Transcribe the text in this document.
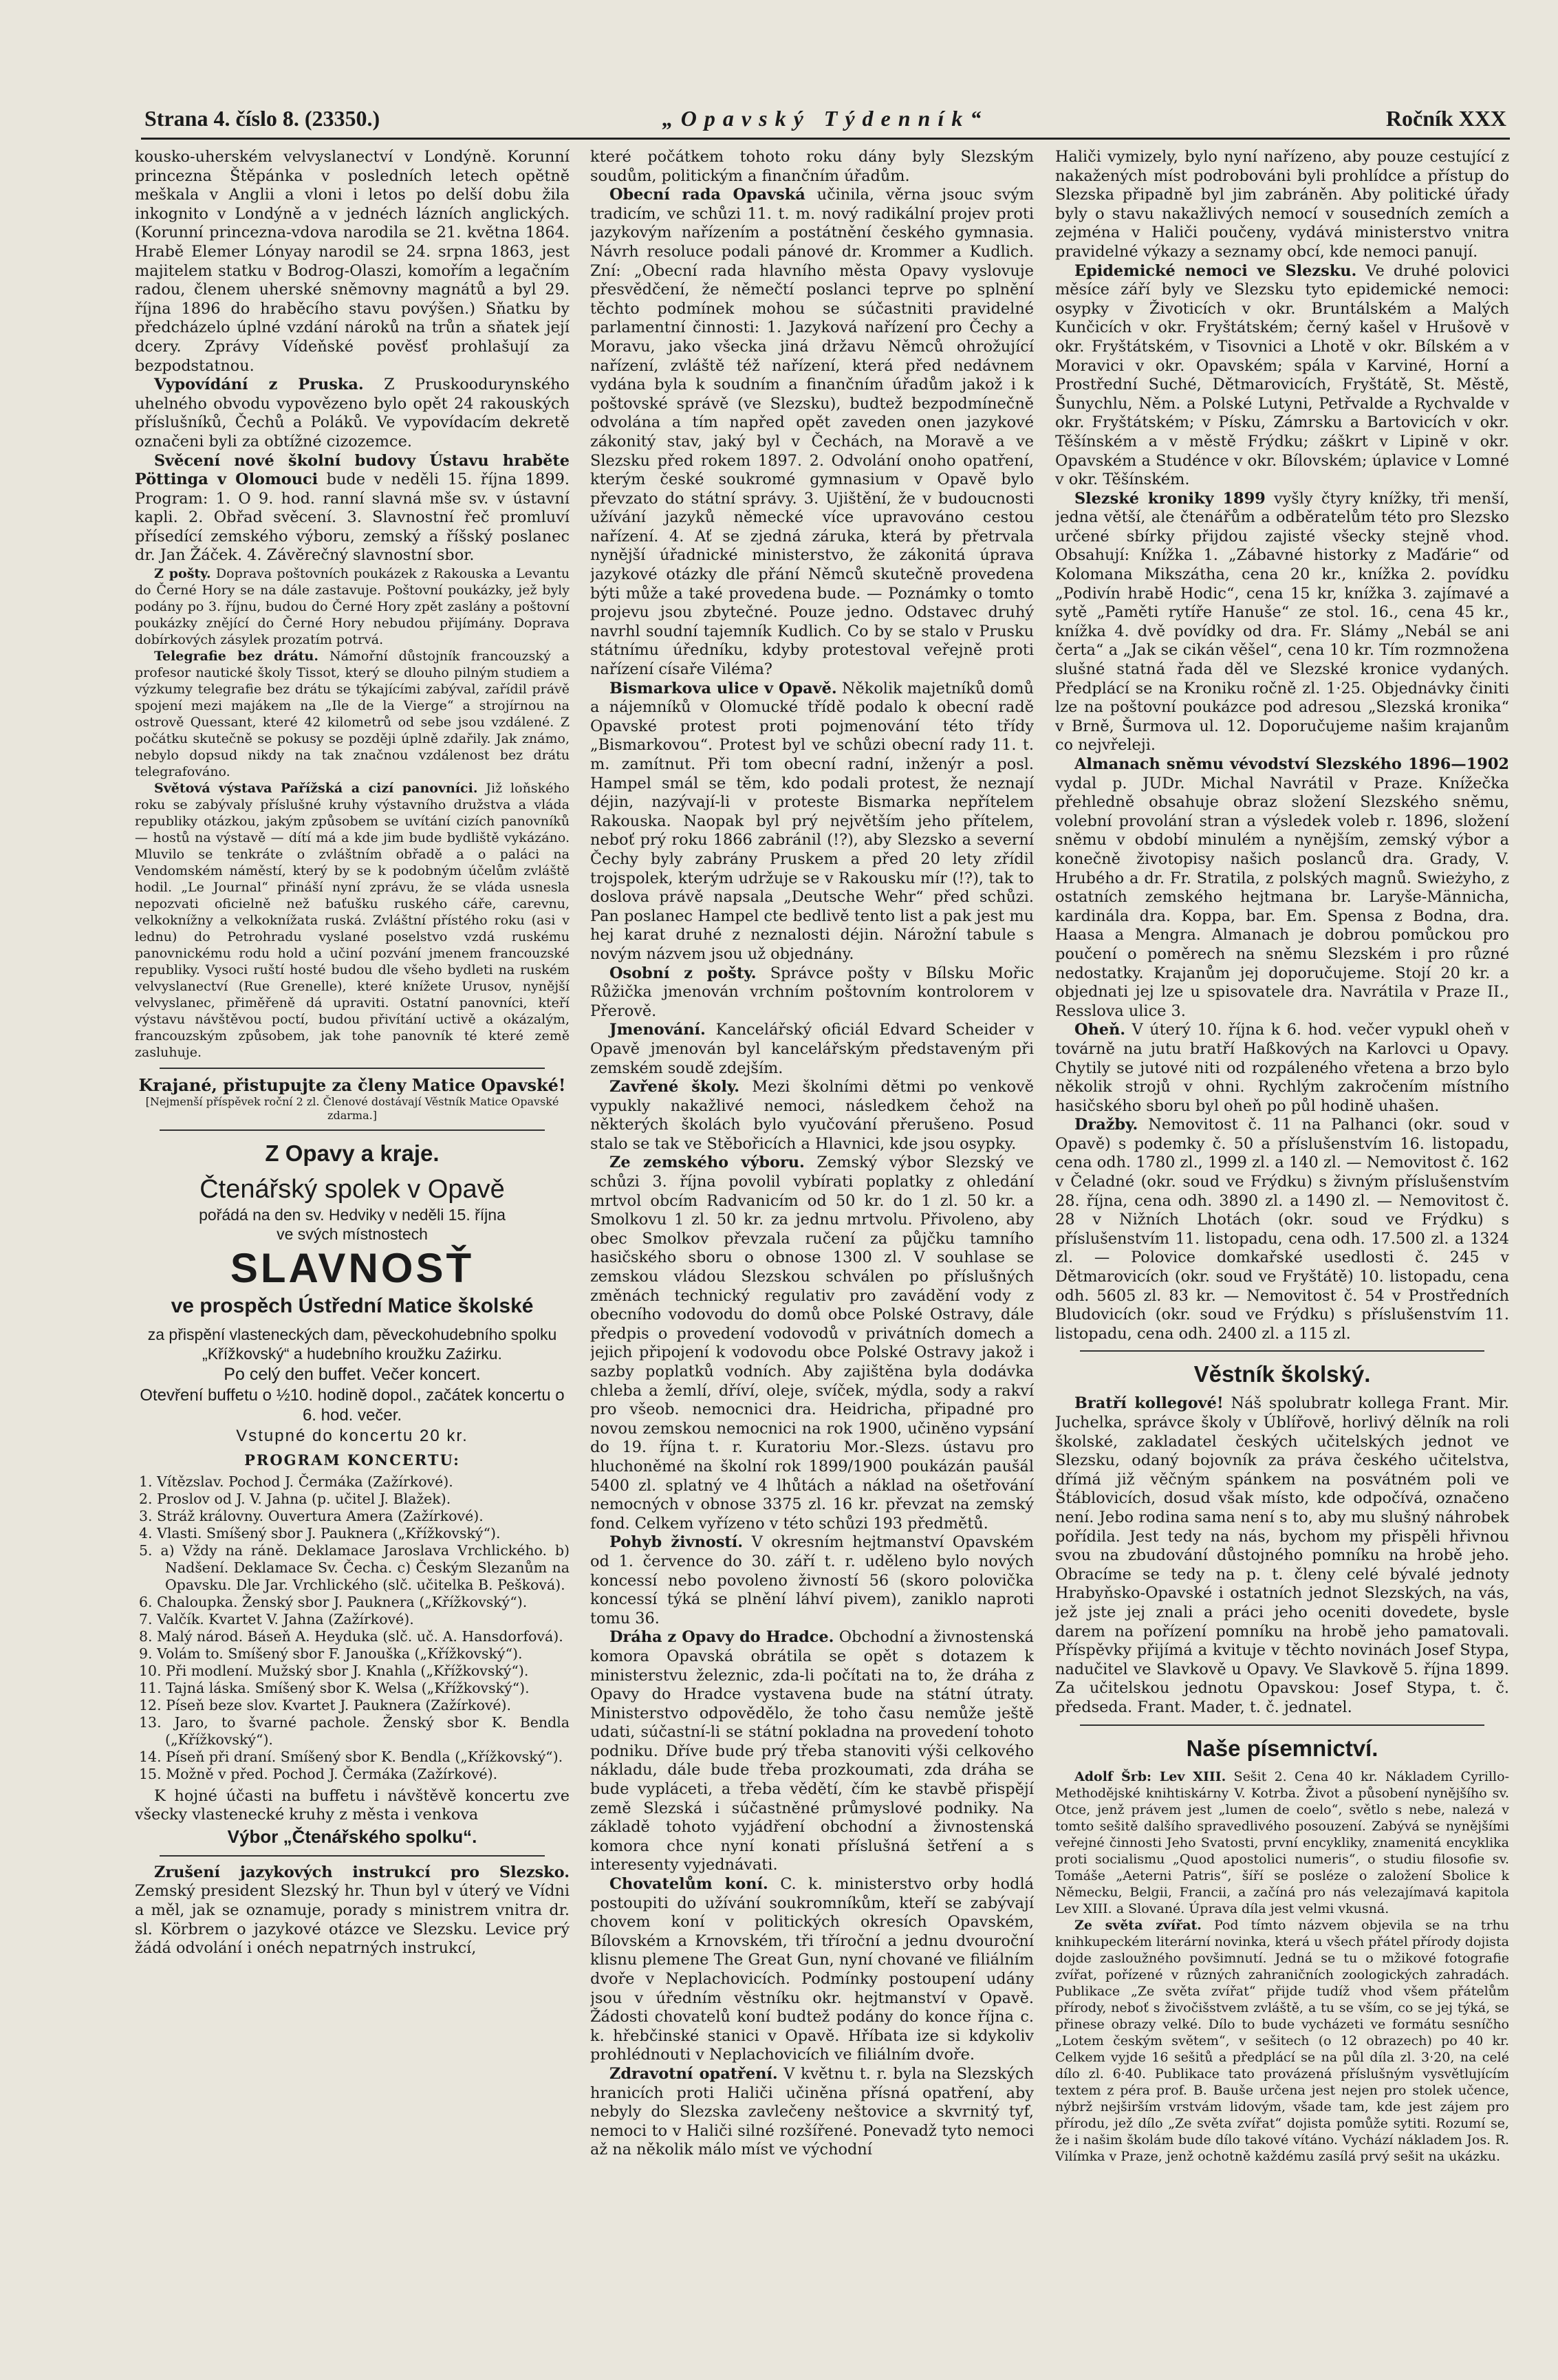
Strana 4. číslo 8. (23350.)	„Opavský Týdenník“	Ročník XXX

kousko-uherském velvyslanectví v Londýně. Korunní princezna Štěpánka v posledních letech opětně meškala v Anglii a vloni i letos po delší dobu žila inkognito v Londýně a v jednéch lázních anglických. (Korunní princezna-vdova narodila se 21. května 1864. Hrabě Elemer Lónyay narodil se 24. srpna 1863, jest majitelem statku v Bodrog-Olaszi, komořím a legačním radou, členem uherské sněmovny magnátů a byl 29. října 1896 do hraběcího stavu povýšen.) Sňatku by předcházelo úplné vzdání nároků na trůn a sňatek její dcery. Zprávy Vídeňské pověsť prohlašují za bezpodstatnou.

Vypovídání z Pruska. Z Pruskoodurynského uhelného obvodu vypovězeno bylo opět 24 rakouských příslušníků, Čechů a Poláků. Ve vypovídacím dekretě označeni byli za obtížné cizozemce.

Svěcení nové školní budovy Ústavu hraběte Pöttinga v Olomouci bude v neděli 15. října 1899. Program: 1. O 9. hod. ranní slavná mše sv. v ústavní kapli. 2. Obřad svěcení. 3. Slavnostní řeč promluví přísedící zemského výboru, zemský a říšský poslanec dr. Jan Žáček. 4. Závěrečný slavnostní sbor.

Z pošty. Doprava poštovních poukázek z Rakouska a Levantu do Černé Hory se na dále zastavuje. Poštovní poukázky, jež byly podány po 3. říjnu, budou do Černé Hory zpět zaslány a poštovní poukázky znějící do Černé Hory nebudou přijímány. Doprava dobírkových zásylek prozatím potrvá.

Telegrafie bez drátu. Námořní důstojník francouzský a profesor nautické školy Tissot, který se dlouho pilným studiem a výzkumy telegrafie bez drátu se týkajícími zabýval, zařídil právě spojení mezi majákem na „Ile de la Vierge“ a strojírnou na ostrově Quessant, které 42 kilometrů od sebe jsou vzdálené. Z počátku skutečně se pokusy se později úplně zdařily. Jak známo, nebylo dopsud nikdy na tak značnou vzdálenost bez drátu telegrafováno.

Světová výstava Pařížská a cizí panovníci. Již loňského roku se zabývaly příslušné kruhy výstavního družstva a vláda republiky otázkou, jakým způsobem se uvítání cizích panovníků — hostů na výstavě — dítí má a kde jim bude bydliště vykázáno. Mluvilo se tenkráte o zvláštním obřadě a o paláci na Vendomském náměstí, který by se k podobným účelům zvláště hodil. „Le Journal“ přináší nyní zprávu, že se vláda usnesla nepozvati oficielně než baťušku ruského cáře, carevnu, velkoknížny a velkoknížata ruská. Zvláštní přístého roku (asi v lednu) do Petrohradu vyslané poselstvo vzdá ruskému panovnickému rodu hold a učiní pozvání jmenem francouzské republiky. Vysoci ruští hosté budou dle všeho bydleti na ruském velvyslanectví (Rue Grenelle), které knížete Urusov, nynější velvyslanec, přiměřeně dá upraviti. Ostatní panovníci, kteří výstavu návštěvou poctí, budou přivítání uctivě a okázalým, francouzským způsobem, jak tohe panovník té které země zasluhuje.

Krajané, přistupujte za členy Matice Opavské!

[Nejmenší příspěvek roční 2 zl. Členové dostávají Věstník Matice Opavské zdarma.]

Z Opavy a kraje.
Čtenářský spolek v Opavě
pořádá na den sv. Hedviky v neděli 15. října
ve svých místnostech
SLAVNOSŤ
ve prospěch Ústřední Matice školské
za přispění vlasteneckých dam, pěveckohudebního spolku „Křížkovský“ a hudebního kroužku Zaźirku.
Po celý den buffet. Večer koncert.
Otevření buffetu o ½10. hodině dopol., začátek koncertu o 6. hod. večer.
Vstupné do koncertu 20 kr.
PROGRAM KONCERTU:
1. Vítězslav. Pochod J. Čermáka (Zažírkové).
2. Proslov od J. V. Jahna (p. učitel J. Blažek).
3. Stráž královny. Ouvertura Amera (Zažírkové).
4. Vlasti. Smíšený sbor J. Pauknera („Křížkovský“).
5. a) Vždy na ráně. Deklamace Jaroslava Vrchlického. b) Nadšení. Deklamace Sv. Čecha. c) Českým Slezanům na Opavsku. Dle Jar. Vrchlického (slč. učitelka B. Pešková).
6. Chaloupka. Ženský sbor J. Pauknera („Křížkovský“).
7. Valčík. Kvartet V. Jahna (Zažírkové).
8. Malý národ. Báseň A. Heyduka (slč. uč. A. Hansdorfová).
9. Volám to. Smíšený sbor F. Janouška („Křížkovský“).
10. Při modlení. Mužský sbor J. Knahla („Křížkovský“).
11. Tajná láska. Smíšený sbor K. Welsa („Křížkovský“).
12. Píseň beze slov. Kvartet J. Pauknera (Zažírkové).
13. Jaro, to švarné pachole. Ženský sbor K. Bendla („Křížkovský“).
14. Píseň při draní. Smíšený sbor K. Bendla („Křížkovský“).
15. Možně v před. Pochod J. Čermáka (Zažírkové).

K hojné účasti na buffetu i návštěvě koncertu zve všecky vlastenecké kruhy z města i venkova

Výbor „Čtenářského spolku“.

Zrušení jazykových instrukcí pro Slezsko. Zemský president Slezský hr. Thun byl v úterý ve Vídni a měl, jak se oznamuje, porady s ministrem vnitra dr. sl. Körbrem o jazykové otázce ve Slezsku. Levice prý žádá odvolání i onéch nepatrných instrukcí,

které počátkem tohoto roku dány byly Slezským soudům, politickým a finančním úřadům.

Obecní rada Opavská učinila, věrna jsouc svým tradicím, ve schůzi 11. t. m. nový radikální projev proti jazykovým nařízením a postátnění českého gymnasia. Návrh resoluce podali pánové dr. Krommer a Kudlich. Zní: „Obecní rada hlavního města Opavy vyslovuje přesvědčení, že němečtí poslanci teprve po splnění těchto podmínek mohou se súčastniti pravidelné parlamentní činnosti: 1. Jazyková nařízení pro Čechy a Moravu, jako všecka jiná državu Němců ohrožující nařízení, zvláště též nařízení, která před nedávnem vydána byla k soudním a finančním úřadům jakož i k poštovské správě (ve Slezsku), budtež bezpodmínečně odvolána a tím napřed opět zaveden onen jazykové zákonitý stav, jaký byl v Čechách, na Moravě a ve Slezsku před rokem 1897. 2. Odvolání onoho opatření, kterým české soukromé gymnasium v Opavě bylo převzato do státní správy. 3. Ujištění, že v budoucnosti užívání jazyků německé více upravováno cestou nařízení. 4. Ať se zjedná záruka, která by přetrvala nynější úřadnické ministerstvo, že zákonitá úprava jazykové otázky dle přání Němců skutečně provedena býti může a také provedena bude. — Poznámky o tomto projevu jsou zbytečné. Pouze jedno. Odstavec druhý navrhl soudní tajemník Kudlich. Co by se stalo v Prusku státnímu úředníku, kdyby protestoval veřejně proti nařízení císaře Viléma?

Bismarkova ulice v Opavě. Několik majetníků domů a nájemníků v Olomucké třídě podalo k obecní radě Opavské protest proti pojmenování této třídy „Bismarkovou“. Protest byl ve schůzi obecní rady 11. t. m. zamítnut. Při tom obecní radní, inženýr a posl. Hampel smál se těm, kdo podali protest, že neznají déjin, nazývají-li v proteste Bismarka nepřítelem Rakouska. Naopak byl prý největším jeho přítelem, neboť prý roku 1866 zabránil (!?), aby Slezsko a severní Čechy byly zabrány Pruskem a před 20 lety zřídil trojspolek, kterým udržuje se v Rakousku mír (!?), tak to doslova právě napsala „Deutsche Wehr“ před schůzi. Pan poslanec Hampel cte bedlivě tento list a pak jest mu hej karat druhé z neznalosti déjin. Nárožní tabule s novým názvem jsou už objednány.

Osobní z pošty. Správce pošty v Bílsku Mořic Růžička jmenován vrchním poštovním kontrolorem v Přerově.

Jmenování. Kancelářský oficiál Edvard Scheider v Opavě jmenován byl kancelářským představeným při zemském soudě zdejším.

Zavřené školy. Mezi školními dětmi po venkově vypukly nakažlivé nemoci, následkem čehož na některých školách bylo vyučování přerušeno. Posud stalo se tak ve Stěbořicích a Hlavnici, kde jsou osypky.

Ze zemského výboru. Zemský výbor Slezský ve schůzi 3. října povolil vybírati poplatky z ohledání mrtvol obcím Radvanicím od 50 kr. do 1 zl. 50 kr. a Smolkovu 1 zl. 50 kr. za jednu mrtvolu. Přivoleno, aby obec Smolkov převzala ručení za půjčku tamního hasičského sboru o obnose 1300 zl. V souhlase se zemskou vládou Slezskou schválen po příslušných změnách technický regulativ pro zavádění vody z obecního vodovodu do domů obce Polské Ostravy, dále předpis o provedení vodovodů v privátních domech a jejich připojení k vodovodu obce Polské Ostravy jakož i sazby poplatků vodních. Aby zajištěna byla dodávka chleba a žemlí, dříví, oleje, svíček, mýdla, sody a rakví pro všeob. nemocnici dra. Heidricha, připadné pro novou zemskou nemocnici na rok 1900, učiněno vypsání do 19. října t. r. Kuratoriu Mor.-Slezs. ústavu pro hluchoněmé na školní rok 1899/1900 poukázán paušál 5400 zl. splatný ve 4 lhůtách a náklad na ošetřování nemocných v obnose 3375 zl. 16 kr. převzat na zemský fond. Celkem vyřízeno v této schůzi 193 předmětů.

Pohyb živností. V okresním hejtmanství Opavském od 1. července do 30. září t. r. uděleno bylo nových koncessí nebo povoleno živností 56 (skoro polovička koncessí týká se plnění láhví pivem), zaniklo naproti tomu 36.

Dráha z Opavy do Hradce. Obchodní a živnostenská komora Opavská obrátila se opět s dotazem k ministerstvu železnic, zda-li počítati na to, že dráha z Opavy do Hradce vystavena bude na státní útraty. Ministerstvo odpovědělo, že toho času nemůže ještě udati, súčastní-li se státní pokladna na provedení tohoto podniku. Dříve bude prý třeba stanoviti výši celkového nákladu, dále bude třeba prozkoumati, zda dráha se bude vypláceti, a třeba vědětí, čím ke stavbě přispějí země Slezská i súčastněné průmyslové podniky. Na základě tohoto vyjádření obchodní a živnostenská komora chce nyní konati příslušná šetření a s interesenty vyjednávati.

Chovatelům koní. C. k. ministerstvo orby hodlá postoupiti do užívání soukromníkům, kteří se zabývají chovem koní v politických okresích Opavském, Bílovském a Krnovském, tři tříroční a jednu dvouroční klisnu plemene The Great Gun, nyní chované ve filiálním dvoře v Neplachovicích. Podmínky postoupení udány jsou v úředním věstníku okr. hejtmanství v Opavě. Žádosti chovatelů koní budtež podány do konce října c. k. hřebčinské stanici v Opavě. Hříbata ize si kdykoliv prohlédnouti v Neplachovicích ve filiálním dvoře.

Zdravotní opatření. V květnu t. r. byla na Slezských hranicích proti Haliči učiněna přísná opatření, aby nebyly do Slezska zavlečeny neštovice a skvrnitý tyf, nemoci to v Haliči silné rozšířené. Ponevadž tyto nemoci až na několik málo míst ve východní

Haliči vymizely, bylo nyní nařízeno, aby pouze cestující z nakažených míst podrobováni byli prohlídce a přístup do Slezska připadně byl jim zabráněn. Aby politické úřady byly o stavu nakažlivých nemocí v sousedních zemích a zejména v Haliči poučeny, vydává ministerstvo vnitra pravidelné výkazy a seznamy obcí, kde nemoci panují.

Epidemické nemoci ve Slezsku. Ve druhé polovici měsíce září byly ve Slezsku tyto epidemické nemoci: osypky v Životicích v okr. Bruntálském a Malých Kunčicích v okr. Fryštátském; černý kašel v Hrušově v okr. Fryštátském, v Tisovnici a Lhotě v okr. Bílském a v Moravici v okr. Opavském; spála v Karviné, Horní a Prostřední Suché, Dětmarovicích, Fryštátě, St. Městě, Šunychlu, Něm. a Polské Lutyni, Petřvalde a Rychvalde v okr. Fryštátském; v Písku, Zámrsku a Bartovicích v okr. Těšínském a v městě Frýdku; záškrt v Lipině v okr. Opavském a Studénce v okr. Bílovském; úplavice v Lomné v okr. Těšínském.

Slezské kroniky 1899 vyšly čtyry knížky, tři menší, jedna větší, ale čtenářům a odběratelům této pro Slezsko určené sbírky přijdou zajisté všecky stejně vhod. Obsahují: Knížka 1. „Zábavné historky z Maďárie“ od Kolomana Mikszátha, cena 20 kr., knížka 2. povídku „Podivín hrabě Hodic“, cena 15 kr, knížka 3. zajímavé a sytě „Paměti rytíře Hanuše“ ze stol. 16., cena 45 kr., knížka 4. dvě povídky od dra. Fr. Slámy „Nebál se ani čerta“ a „Jak se cikán věšel“, cena 10 kr. Tím rozmnožena slušné statná řada děl ve Slezské kronice vydaných. Předplácí se na Kroniku ročně zl. 1·25. Objednávky činiti lze na poštovní poukázce pod adresou „Slezská kronika“ v Brně, Šurmova ul. 12. Doporučujeme našim krajanům co nejvřeleji.

Almanach sněmu vévodství Slezského 1896—1902 vydal p. JUDr. Michal Navrátil v Praze. Knížečka přehledně obsahuje obraz složení Slezského sněmu, volební provolání stran a výsledek voleb r. 1896, složení sněmu v období minulém a nynějším, zemský výbor a konečně životopisy našich poslanců dra. Grady, V. Hrubého a dr. Fr. Stratila, z polských magnů. Swieżyho, z ostatních zemského hejtmana br. Laryše-Männicha, kardinála dra. Koppa, bar. Em. Spensa z Bodna, dra. Haasa a Mengra. Almanach je dobrou pomůckou pro poučení o poměrech na sněmu Slezském i pro různé nedostatky. Krajanům jej doporučujeme. Stojí 20 kr. a objednati jej lze u spisovatele dra. Navrátila v Praze II., Resslova ulice 3.

Oheň. V úterý 10. října k 6. hod. večer vypukl oheň v továrně na jutu bratří Haßkových na Karlovci u Opavy. Chytily se jutové niti od rozpáleného vřetena a brzo bylo několik strojů v ohni. Rychlým zakročením místního hasičského sboru byl oheň po půl hodině uhašen.

Dražby. Nemovitost č. 11 na Palhanci (okr. soud v Opavě) s podemky č. 50 a příslušenstvím 16. listopadu, cena odh. 1780 zl., 1999 zl. a 140 zl. — Nemovitost č. 162 v Čeladné (okr. soud ve Frýdku) s živným příslušenstvím 28. října, cena odh. 3890 zl. a 1490 zl. — Nemovitost č. 28 v Nižních Lhotách (okr. soud ve Frýdku) s příslušenstvím 11. listopadu, cena odh. 17.500 zl. a 1324 zl. — Polovice domkařské usedlosti č. 245 v Dětmarovicích (okr. soud ve Fryštátě) 10. listopadu, cena odh. 5605 zl. 83 kr. — Nemovitost č. 54 v Prostředních Bludovicích (okr. soud ve Frýdku) s příslušenstvím 11. listopadu, cena odh. 2400 zl. a 115 zl.

Věstník školský.

Bratří kollegové! Náš spolubratr kollega Frant. Mir. Juchelka, správce školy v Úblířově, horlivý dělník na roli školské, zakladatel českých učitelských jednot ve Slezsku, odaný bojovník za práva českého učitelstva, dřímá již věčným spánkem na posvátném poli ve Štáblovicích, dosud však místo, kde odpočívá, označeno není. Jebo rodina sama není s to, aby mu slušný náhrobek pořídila. Jest tedy na nás, bychom my přispěli hřivnou svou na zbudování důstojného pomníku na hrobě jeho. Obracíme se tedy na p. t. členy celé bývalé jednoty Hrabyňsko-Opavské i ostatních jednot Slezských, na vás, jež jste jej znali a práci jeho oceniti dovedete, bysle darem na pořízení pomníku na hrobě jeho pamatovali. Příspěvky přijímá a kvituje v těchto novinách Josef Stypa, nadučitel ve Slavkově u Opavy. Ve Slavkově 5. října 1899. Za učitelskou jednotu Opavskou: Josef Stypa, t. č. předseda. Frant. Mader, t. č. jednatel.

Naše písemnictví.

Adolf Šrb: Lev XIII. Sešit 2. Cena 40 kr. Nákladem Cyrillo-Methodějské knihtiskárny V. Kotrba. Život a působení nynějšího sv. Otce, jenž právem jest „lumen de coelo“, světlo s nebe, nalezá v tomto sešitě dalšího spravedlivého posouzení. Zabývá se nynějšími veřejné činnosti Jeho Svatosti, první encykliky, znamenitá encyklika proti socialismu „Quod apostolici numeris“, o studiu filosofie sv. Tomáše „Aeterni Patris“, šíří se posléze o založení Sbolice k Německu, Belgii, Francii, a začíná pro nás velezajímavá kapitola Lev XIII. a Slované. Úprava díla jest velmi vkusná.

Ze světa zvířat. Pod tímto názvem objevila se na trhu knihkupeckém literární novinka, která u všech přátel přírody dojista dojde zasloužného povšimnutí. Jedná se tu o mžikové fotografie zvířat, pořízené v různých zahraničních zoologických zahradách. Publikace „Ze světa zvířat“ přijde tudíž vhod všem přátelům přírody, neboť s živočišstvem zvláště, a tu se vším, co se jej týká, se přinese obrazy velké. Dílo to bude vycházeti ve formátu sesníčho „Lotem českým světem“, v sešitech (o 12 obrazech) po 40 kr. Celkem vyjde 16 sešitů a předplácí se na půl díla zl. 3·20, na celé dílo zl. 6·40. Publikace tato provázená příslušným vysvětlujícím textem z péra prof. B. Bauše určena jest nejen pro stolek učence, nýbrž nejširším vrstvám lidovým, všade tam, kde jest zájem pro přírodu, jež dílo „Ze světa zvířat“ dojista pomůže sytiti. Rozumí se, že i našim školám bude dílo takové vítáno. Vychází nákladem Jos. R. Vilímka v Praze, jenž ochotně každému zasílá prvý sešit na ukázku.
